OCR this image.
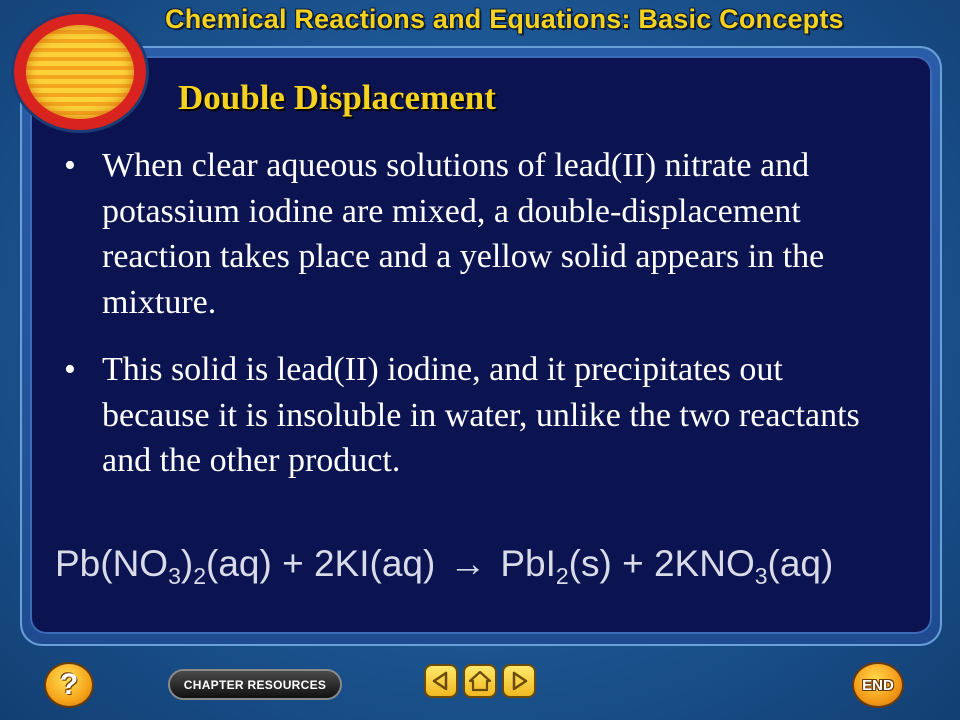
Chemical Reactions and Equations: Basic Concepts
Double Displacement
• When clear aqueous solutions of lead(II) nitrate and potassium iodine are mixed, a double-displacement reaction takes place and a yellow solid appears in the mixture.
• This solid is lead(II) iodine, and it precipitates out because it is insoluble in water, unlike the two reactants and the other product.
$Pb(NO_3)_2(aq) + 2KI(aq) \to PbI_2(s) + 2KNO_3(aq)$
?	CHAPTER RESOURCES	END
